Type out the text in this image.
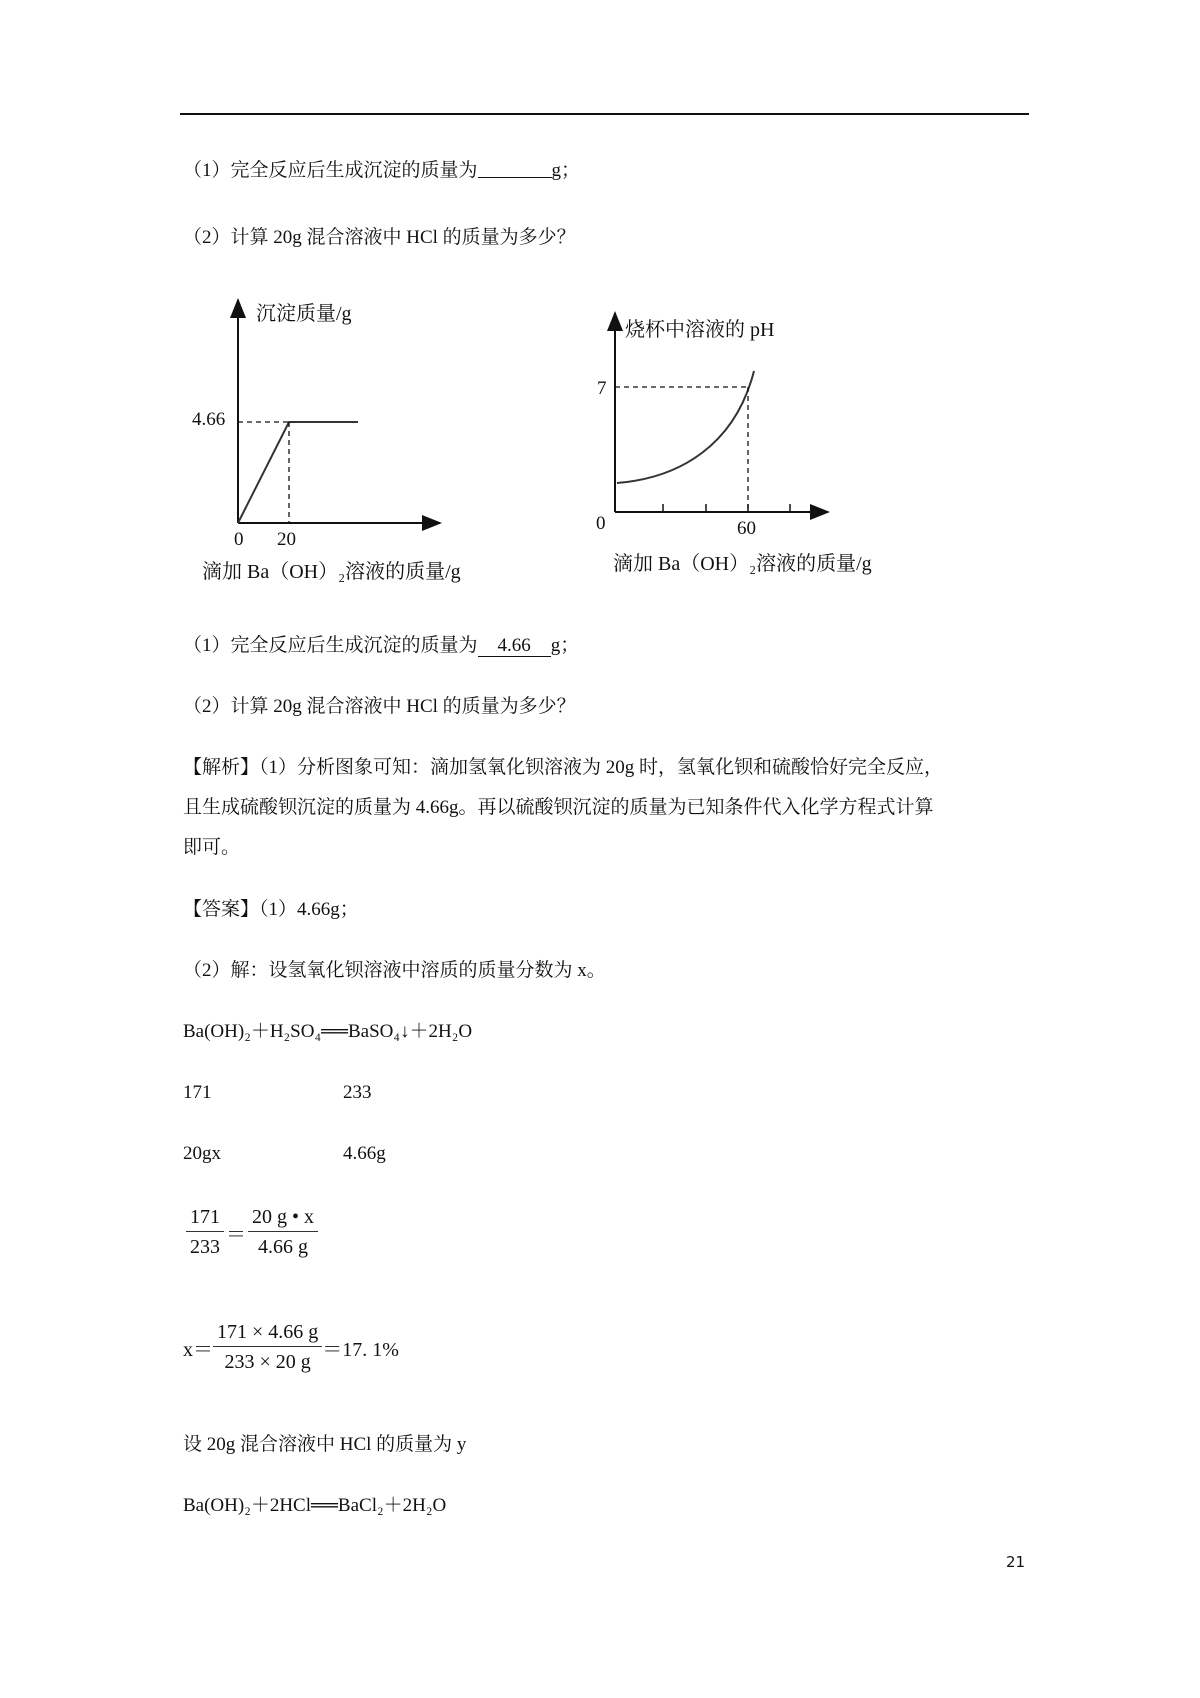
（1）完全反应后生成沉淀的质量为	g；
（2）计算 20g 混合溶液中 HCl 的质量为多少？
沉淀质量/g
4.66
0 20
滴加 Ba（OH）₂溶液的质量/g
烧杯中溶液的 pH
7
0	60
滴加 Ba（OH）₂溶液的质量/g
（1）完全反应后生成沉淀的质量为 4.66 g；
（2）计算 20g 混合溶液中 HCl 的质量为多少？
【解析】（1）分析图象可知：滴加氢氧化钡溶液为 20g 时，氢氧化钡和硫酸恰好完全反应，
且生成硫酸钡沉淀的质量为 4.66g。再以硫酸钡沉淀的质量为已知条件代入化学方程式计算
即可。
【答案】（1）4.66g；
（2）解：设氢氧化钡溶液中溶质的质量分数为 x。
Ba(OH)₂＋H₂SO₄══BaSO₄↓＋2H₂O
171	233
20gx	4.66g
$\frac{171}{233} = \frac{20 g • x}{4.66 g}$
$x= \frac{171 \times 4.66 g}{233 \times 20 g} =17$. 1%
设 20g 混合溶液中 HCl 的质量为 y
Ba(OH)₂＋2HCl══BaCl₂＋2H₂O
21
